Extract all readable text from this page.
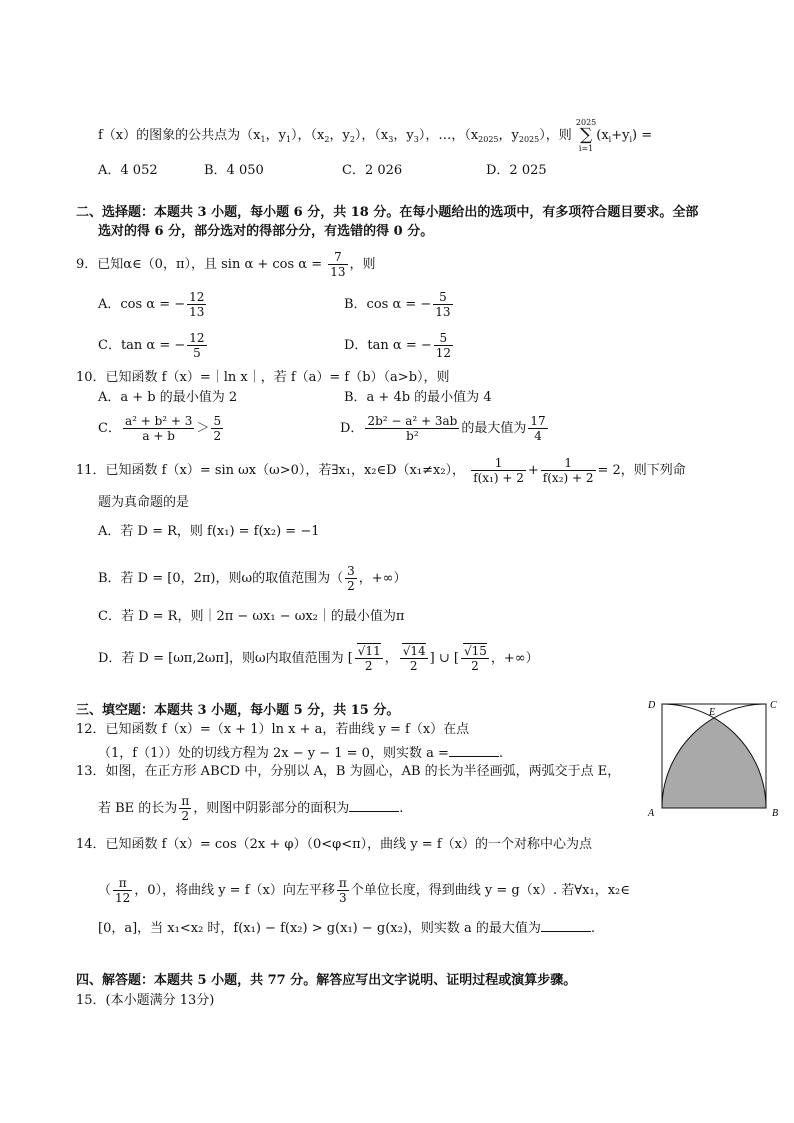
f（x）的图象的公共点为（$x_1$，$y_1$），（$x_2$，$y_2$），（$x_3$，$y_3$），…，（$x_{2025}$，$y_{2025}$），则 2025
∑
$i=1(x_i+y_i)$ =
A．4 052	B．4 050	C．2 026	D．2 025
二、选择题：本题共 3 小题，每小题 6 分，共 18 分。在每小题给出的选项中，有多项符合题目要求。全部
选对的得 6 分，部分选对的得部分分，有选错的得 0 分。
9．已知α∈（0，π），且 $\sin \alpha + \cos \alpha = \frac{7}{13}$ ，则
A．cos α = − $\frac{12}{13}$	B．cos α = − $\frac{5}{13}$
C．tan α = − $\frac{12}{5}$	D．tan α = − $\frac{5}{12}$
10．已知函数 f（x）=｜ln x｜，若 f（a）= f（b）（a>b），则
A．a + b 的最小值为 2	B．a + 4b 的最小值为 4
C． $\frac{\text{a² + b² + 3}}{a + b} > \frac{5}{2}$	D． $\frac{\text{2b² − a² + 3ab}}{\text{b²}}$ 的最大值为 $\frac{17}{4}$
11．已知函数 f（x）= sin ωx（ω>0），若∃x₁，x₂∈D（x₁≠x₂）， $\frac{1}{\text{f(x₁) + 2}} + \frac{1}{\text{f(x₂) + 2}} = 2$，则下列命
题为真命题的是
A．若 D = R，则 f(x₁) = f(x₂) = −1
B．若 D = [0，2π)，则ω的取值范围为（ $\frac{3}{2}$ ，+∞）
C．若 D = R，则｜2π − ωx₁ − ωx₂｜的最小值为π
D．若 D = [ωπ,2ωπ]，则ω内取值范围为 [ $\frac{√11}{2}$ ， $\frac{√14}{2}$ ] ∪ [ $\frac{√15}{2}$ ，+∞）
三、填空题：本题共 3 小题，每小题 5 分，共 15 分。
12．已知函数 f（x）=（x + 1）ln x + a，若曲线 y = f（x）在点
（1，f（1））处的切线方程为 2x − y − 1 = 0，则实数 a =	.
13．如图，在正方形 ABCD 中，分别以 A，B 为圆心，AB 的长为半径画弧，两弧交于点 E，
若 BE 的长为 $\frac{\pi}{2}$ ，则图中阴影部分的面积为	.
D
E
C
A	B
14．已知函数 f（x）= cos（2x + φ）（0<φ<π），曲线 y = f（x）的一个对称中心为点
（ $\frac{\pi}{12}$ ，0），将曲线 y = f（x）向左平移 $\frac{\pi}{3}$ 个单位长度，得到曲线 y = g（x）. 若∀x₁，x₂∈
[0，a]，当 x₁<x₂ 时，f(x₁) − f(x₂) > g(x₁) − g(x₂)，则实数 a 的最大值为	.
四、解答题：本题共 5 小题，共 77 分。解答应写出文字说明、证明过程或演算步骤。
15．(本小题满分 13分)
